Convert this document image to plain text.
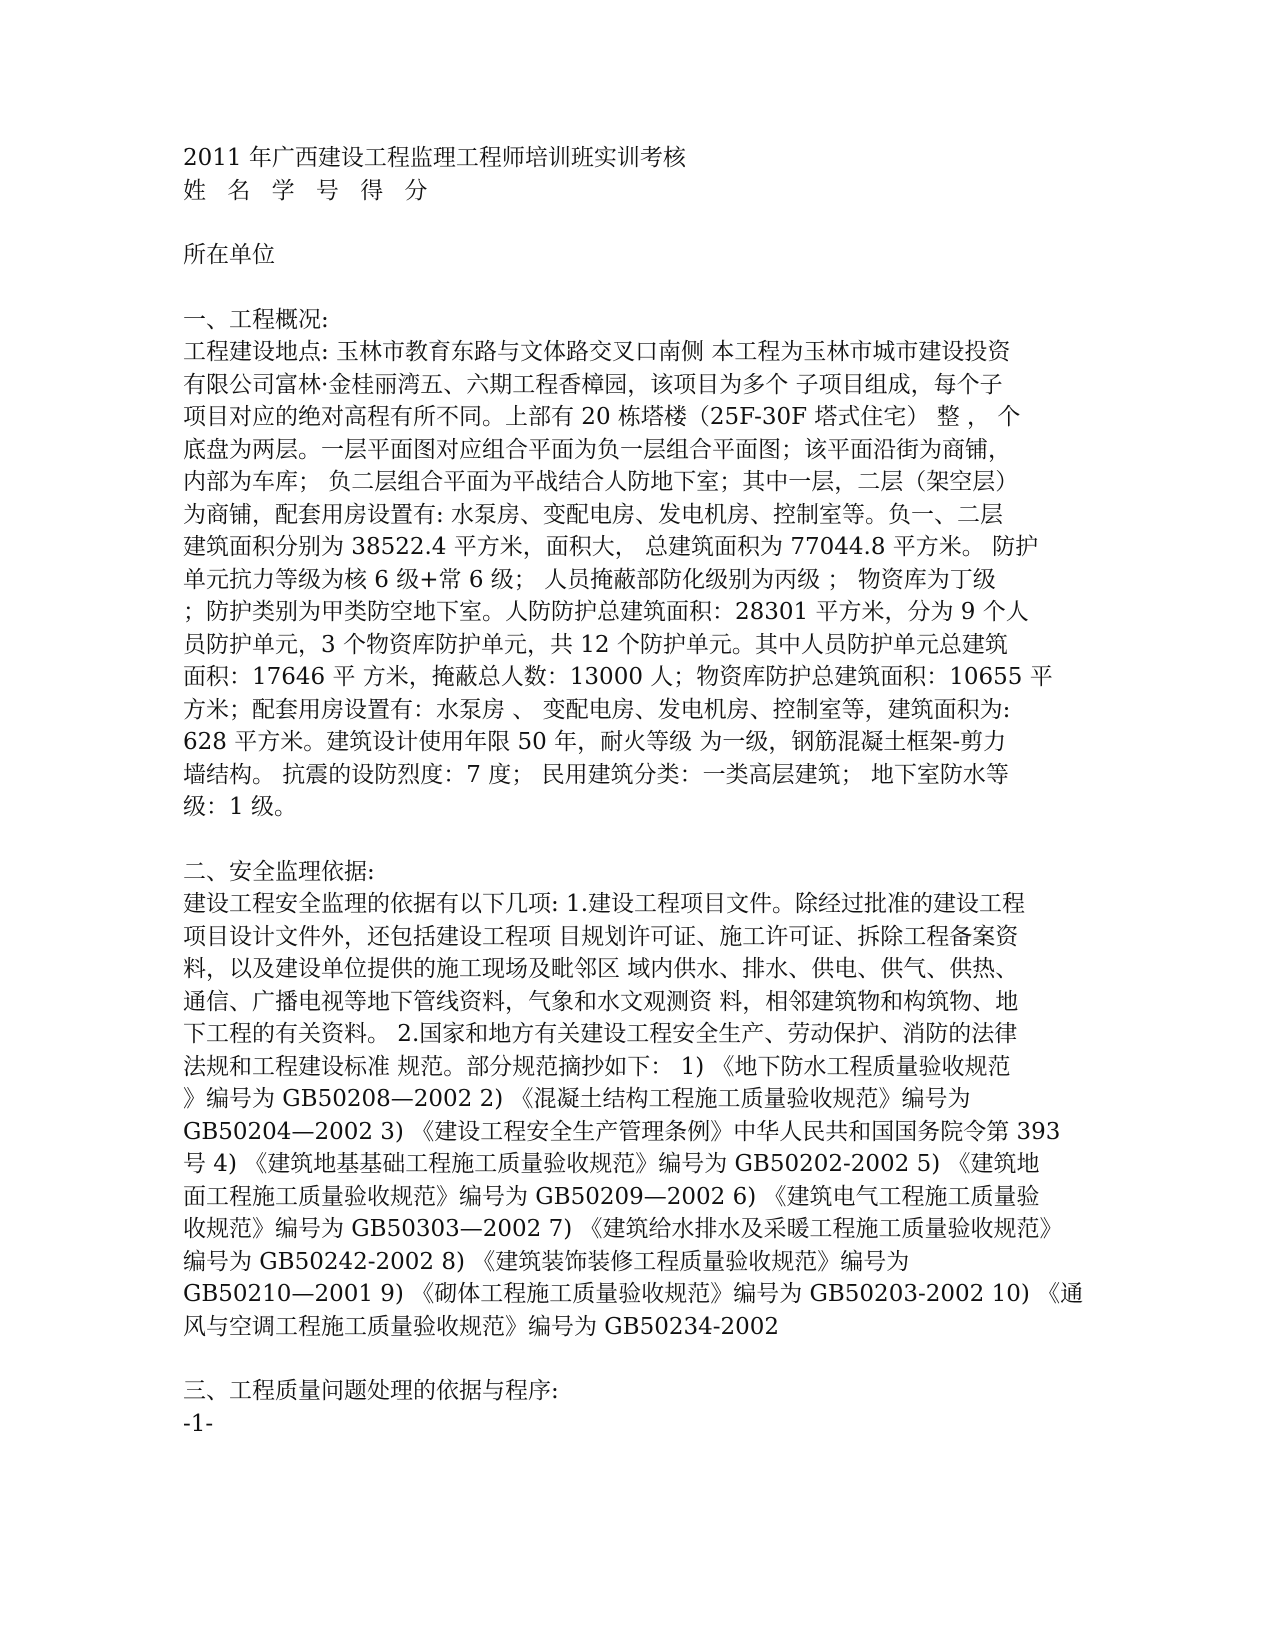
2011 年广西建设工程监理工程师培训班实训考核
姓 名 学 号 得 分
所在单位
一、工程概况:
工程建设地点: 玉林市教育东路与文体路交叉口南侧 本工程为玉林市城市建设投资
有限公司富林·金桂丽湾五、六期工程香樟园，该项目为多个 子项目组成，每个子
项目对应的绝对高程有所不同。上部有 20 栋塔楼（25F-30F 塔式住宅） 整 ， 个
底盘为两层。一层平面图对应组合平面为负一层组合平面图；该平面沿街为商铺，
内部为车库； 负二层组合平面为平战结合人防地下室；其中一层，二层（架空层）
为商铺，配套用房设置有: 水泵房、变配电房、发电机房、控制室等。负一、二层
建筑面积分别为 38522.4 平方米，面积大， 总建筑面积为 77044.8 平方米。 防护
单元抗力等级为核 6 级+常 6 级； 人员掩蔽部防化级别为丙级 ； 物资库为丁级
；防护类别为甲类防空地下室。人防防护总建筑面积：28301 平方米，分为 9 个人
员防护单元，3 个物资库防护单元，共 12 个防护单元。其中人员防护单元总建筑
面积：17646 平 方米，掩蔽总人数：13000 人；物资库防护总建筑面积：10655 平
方米；配套用房设置有：水泵房 、 变配电房、发电机房、控制室等，建筑面积为:
628 平方米。建筑设计使用年限 50 年，耐火等级 为一级，钢筋混凝土框架-剪力
墙结构。 抗震的设防烈度：7 度； 民用建筑分类：一类高层建筑； 地下室防水等
级：1 级。
二、安全监理依据:
建设工程安全监理的依据有以下几项: 1.建设工程项目文件。除经过批准的建设工程
项目设计文件外，还包括建设工程项 目规划许可证、施工许可证、拆除工程备案资
料，以及建设单位提供的施工现场及毗邻区 域内供水、排水、供电、供气、供热、
通信、广播电视等地下管线资料，气象和水文观测资 料，相邻建筑物和构筑物、地
下工程的有关资料。 2.国家和地方有关建设工程安全生产、劳动保护、消防的法律
法规和工程建设标准 规范。部分规范摘抄如下： 1) 《地下防水工程质量验收规范
》编号为 GB50208—2002 2) 《混凝土结构工程施工质量验收规范》编号为
GB50204—2002 3) 《建设工程安全生产管理条例》中华人民共和国国务院令第 393
号 4) 《建筑地基基础工程施工质量验收规范》编号为 GB50202-2002 5) 《建筑地
面工程施工质量验收规范》编号为 GB50209—2002 6) 《建筑电气工程施工质量验
收规范》编号为 GB50303—2002 7) 《建筑给水排水及采暖工程施工质量验收规范》
编号为 GB50242-2002 8) 《建筑装饰装修工程质量验收规范》编号为
GB50210—2001 9) 《砌体工程施工质量验收规范》编号为 GB50203-2002 10) 《通
风与空调工程施工质量验收规范》编号为 GB50234-2002
三、工程质量问题处理的依据与程序:
-1-
